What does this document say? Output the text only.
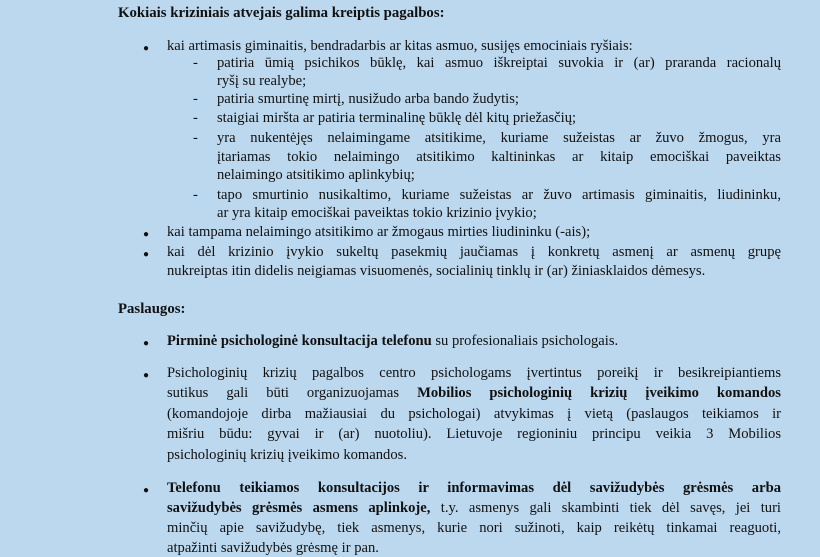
Kokiais kriziniais atvejais galima kreiptis pagalbos:
● kai artimasis giminaitis, bendradarbis ar kitas asmuo, susijęs emociniais ryšiais:
- patiria ūmią psichikos būklę, kai asmuo iškreiptai suvokia ir (ar) praranda racionalų
ryšį su realybe;
- patiria smurtinę mirtį, nusižudo arba bando žudytis;
- staigiai miršta ar patiria terminalinę būklę dėl kitų priežasčių;
- yra nukentėjęs nelaimingame atsitikime, kuriame sužeistas ar žuvo žmogus, yra
įtariamas tokio nelaimingo atsitikimo kaltininkas ar kitaip emociškai paveiktas
nelaimingo atsitikimo aplinkybių;
- tapo smurtinio nusikaltimo, kuriame sužeistas ar žuvo artimasis giminaitis, liudininku,
ar yra kitaip emociškai paveiktas tokio krizinio įvykio;
● kai tampama nelaimingo atsitikimo ar žmogaus mirties liudininku (-ais);
● kai dėl krizinio įvykio sukeltų pasekmių jaučiamas į konkretų asmenį ar asmenų grupę
nukreiptas itin didelis neigiamas visuomenės, socialinių tinklų ir (ar) žiniasklaidos dėmesys.
Paslaugos:
● Pirminė psichologinė konsultacija telefonu su profesionaliais psichologais.
● Psichologinių krizių pagalbos centro psichologams įvertintus poreikį ir besikreipiantiems
sutikus gali būti organizuojamas Mobilios psichologinių krizių įveikimo komandos
(komandojoje dirba mažiausiai du psichologai) atvykimas į vietą (paslaugos teikiamos ir
mišriu būdu: gyvai ir (ar) nuotoliu). Lietuvoje regioniniu principu veikia 3 Mobilios
psichologinių krizių įveikimo komandos.
● Telefonu teikiamos konsultacijos ir informavimas dėl savižudybės grėsmės arba
savižudybės grėsmės asmens aplinkoje, t.y. asmenys gali skambinti tiek dėl savęs, jei turi
minčių apie savižudybę, tiek asmenys, kurie nori sužinoti, kaip reikėtų tinkamai reaguoti,
atpažinti savižudybės grėsmę ir pan.
